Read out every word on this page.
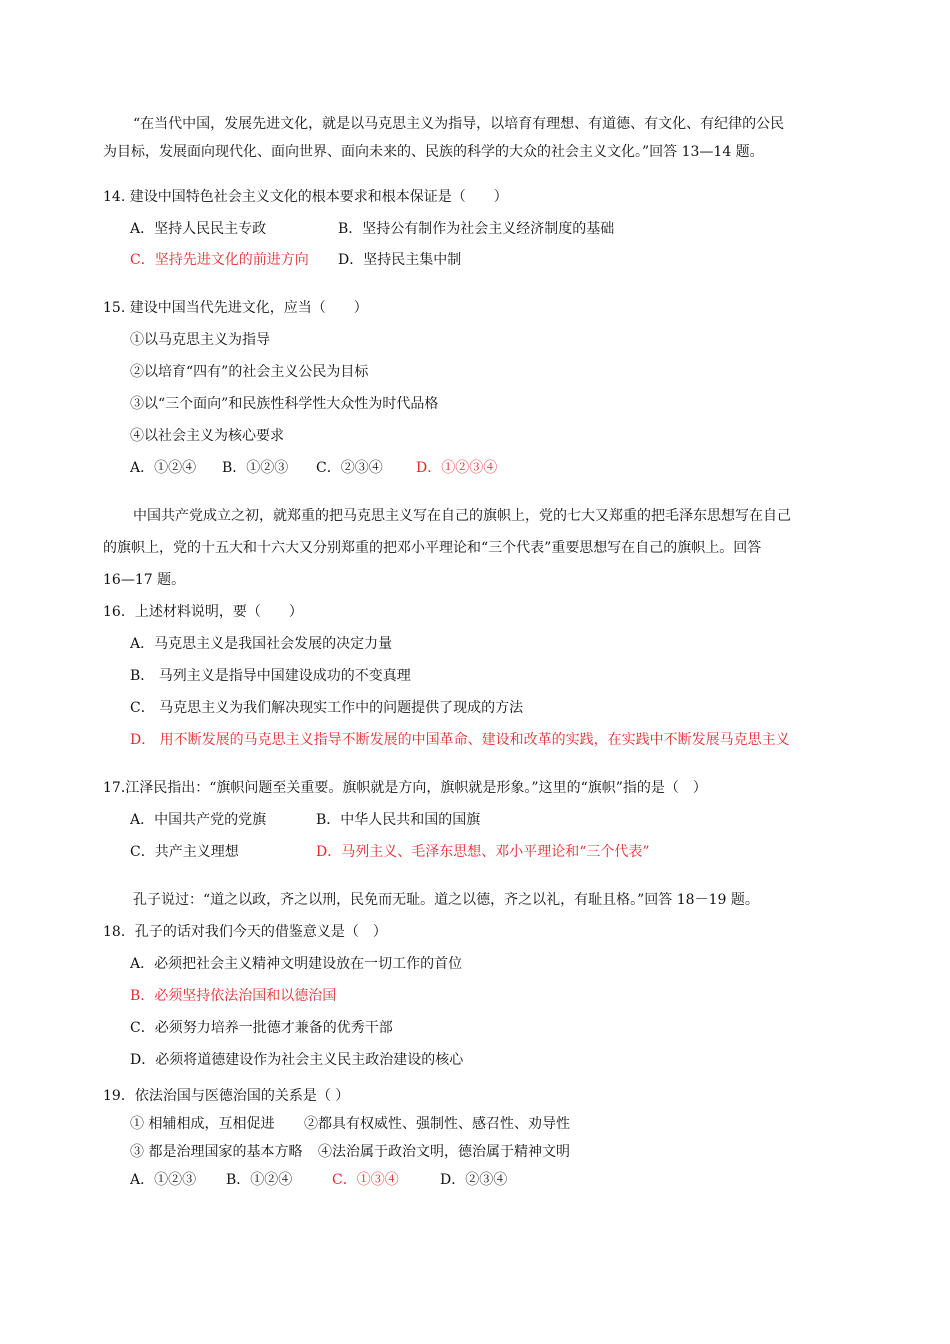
“在当代中国，发展先进文化，就是以马克思主义为指导，以培育有理想、有道德、有文化、有纪律的公民
为目标，发展面向现代化、面向世界、面向未来的、民族的科学的大众的社会主义文化。”回答 13—14 题。
14. 建设中国特色社会主义文化的根本要求和根本保证是（　　）
A．坚持人民民主专政	B．坚持公有制作为社会主义经济制度的基础
C．坚持先进文化的前进方向 D．坚持民主集中制
15. 建设中国当代先进文化，应当（　　）
①以马克思主义为指导
②以培育“四有”的社会主义公民为目标
③以“三个面向”和民族性科学性大众性为时代品格
④以社会主义为核心要求
A．①②④ B．①②③ C．②③④ D．①②③④
中国共产党成立之初，就郑重的把马克思主义写在自己的旗帜上，党的七大又郑重的把毛泽东思想写在自己
的旗帜上，党的十五大和十六大又分别郑重的把邓小平理论和“三个代表”重要思想写在自己的旗帜上。回答
16—17 题。
16．上述材料说明，要（　　）
A．马克思主义是我国社会发展的决定力量
B． 马列主义是指导中国建设成功的不变真理
C． 马克思主义为我们解决现实工作中的问题提供了现成的方法
D． 用不断发展的马克思主义指导不断发展的中国革命、建设和改革的实践，在实践中不断发展马克思主义
17.江泽民指出：“旗帜问题至关重要。旗帜就是方向，旗帜就是形象。”这里的“旗帜”指的是（　）
A．中国共产党的党旗	B．中华人民共和国的国旗
C．共产主义理想	D．马列主义、毛泽东思想、邓小平理论和“三个代表”
孔子说过：“道之以政，齐之以刑，民免而无耻。道之以德，齐之以礼，有耻且格。”回答 18－19 题。
18．孔子的话对我们今天的借鉴意义是（　）
A．必须把社会主义精神文明建设放在一切工作的首位
B．必须坚持依法治国和以德治国
C．必须努力培养一批德才兼备的优秀干部
D．必须将道德建设作为社会主义民主政治建设的核心
19．依法治国与医德治国的关系是（ ）
① 相辅相成，互相促进 ②都具有权威性、强制性、感召性、劝导性
③ 都是治理国家的基本方略 ④法治属于政治文明，德治属于精神文明
A．①②③ B．①②④	C．①③④	D．②③④
